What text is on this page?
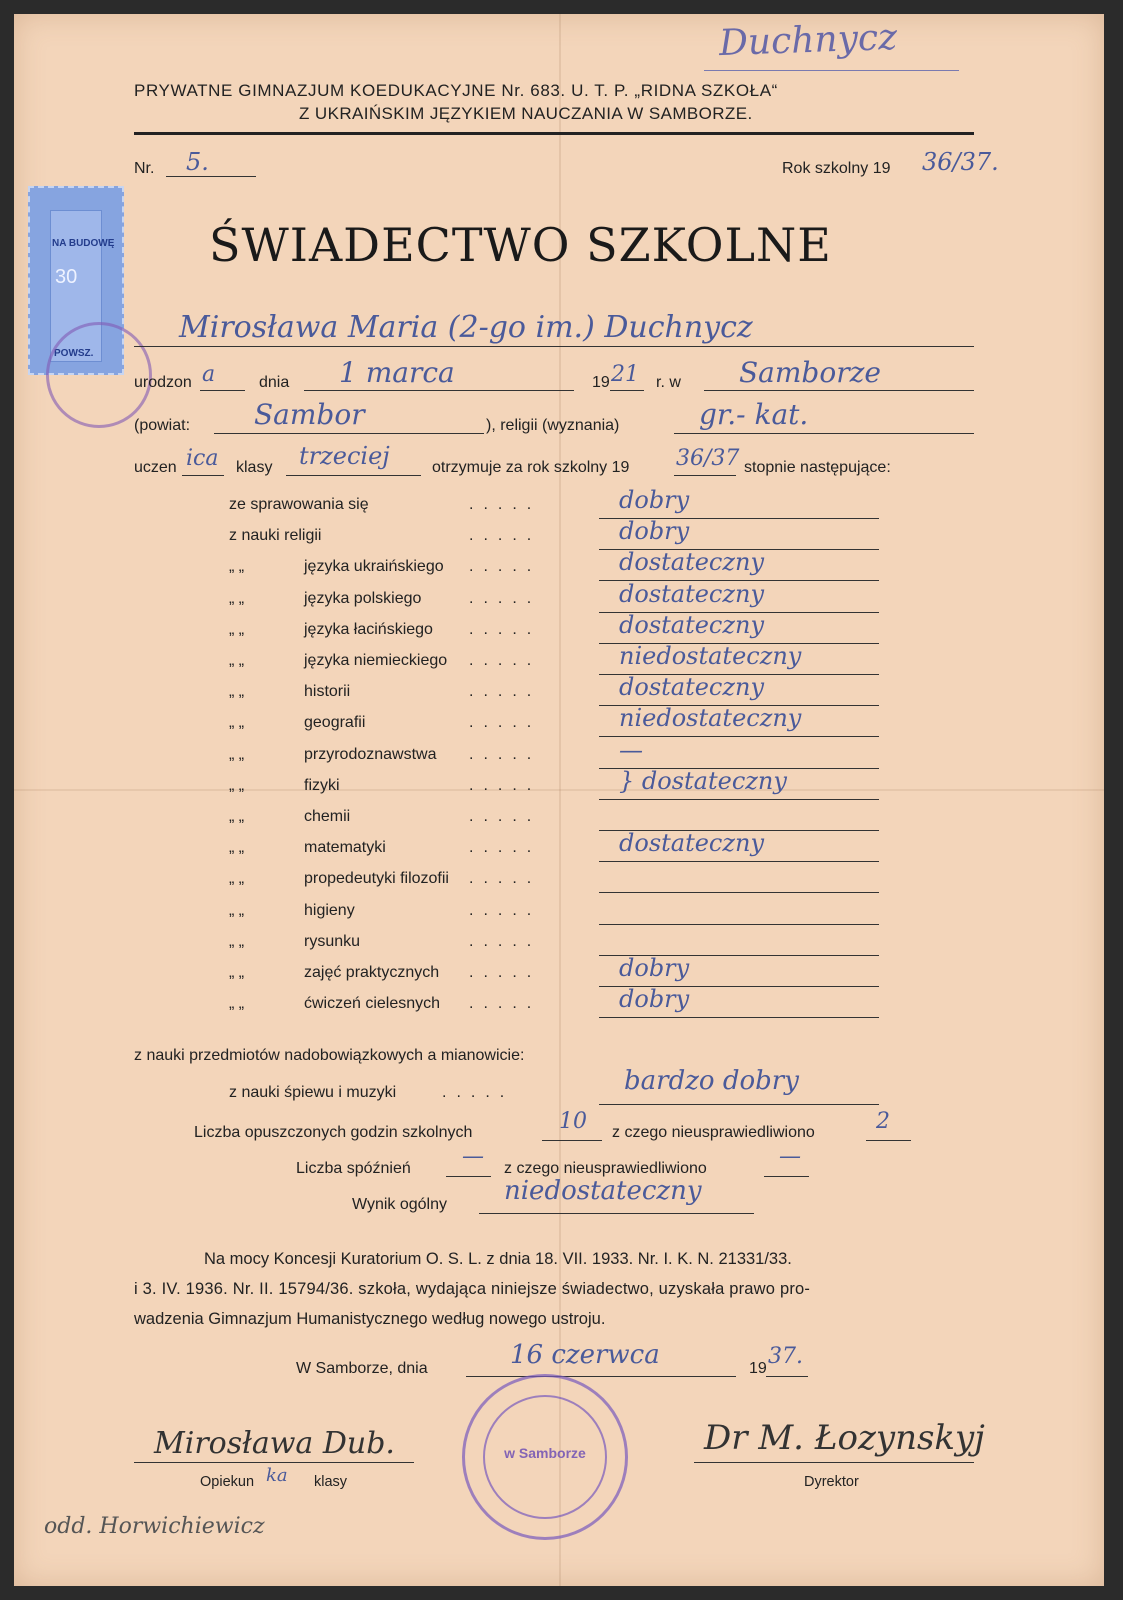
Duchnycz
PRYWATNE GIMNAZJUM KOEDUKACYJNE Nr. 683. U. T. P. „RIDNA SZKOŁA“
Z UKRAIŃSKIM JĘZYKIEM NAUCZANIA W SAMBORZE.
Nr. 5.	Rok szkolny 19 36/37.
NA BUDOWĘ
30
POWSZ.
ŚWIADECTWO SZKOLNE
Mirosława Maria (2-go im.) Duchnycz
urodzon a	dnia 1 marca	19 21 r. w Samborze
(powiat: Sambor	), religii (wyznania)	gr.- kat.
uczen ica klasy trzeciej	otrzymuje za rok szkolny 19 36/37 stopnie następujące:
ze sprawowania się	.....	dobry
z nauki religii	.....	dobry
„ „	języka ukraińskiego .....	dostateczny
„ „	języka polskiego	.....	dostateczny
„ „	języka łacińskiego .....	dostateczny
„ „	języka niemieckiego .....	niedostateczny
„ „	historii	.....	dostateczny
„ „	geografii	.....	niedostateczny
„ „	przyrodoznawstwa .....	—
„ „	fizyki	.....	} dostateczny
„ „	chemii	.....
„ „	matematyki	.....	dostateczny
„ „	propedeutyki filozofii .....
„ „	higieny	.....
„ „	rysunku	.....
„ „	zajęć praktycznych .....	dobry
„ „	ćwiczeń cielesnych .....	dobry
z nauki przedmiotów nadobowiązkowych a mianowicie:
z nauki śpiewu i muzyki	.....	bardzo dobry
Liczba opuszczonych godzin szkolnych	10 z czego nieusprawiedliwiono	2
Liczba spóźnień — z czego nieusprawiedliwiono	—
Wynik ogólny niedostateczny
Na mocy Koncesji Kuratorium O. S. L. z dnia 18. VII. 1933. Nr. I. K. N. 21331/33.
i 3. IV. 1936. Nr. II. 15794/36. szkoła, wydająca niniejsze świadectwo, uzyskała prawo pro-
wadzenia Gimnazjum Humanistycznego według nowego ustroju.
W Samborze, dnia	16 czerwca	19 37.
w Samborze
Mirosława Dub.
Opiekun ka klasy
Dr M. Łozynskyj
Dyrektor
odd. Horwichiewicz
